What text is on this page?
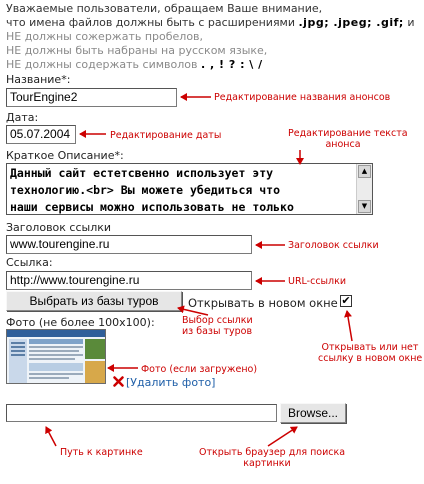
Уважаемые пользователи, обращаем Ваше внимание,
что имена файлов должны быть с расширениями .jpg; .jpeg; .gif; и
НЕ должны сожержать пробелов,
НЕ должны быть набраны на русском языке,
НЕ должны содержать символов . , ! ? : \ /
Название*:
TourEngine2	Редактирование названия анонсов
Дата:
05.07.2004	Редактирование даты	Редактирование текста
анонса
Краткое Описание*:
Данный сайт естетсвенно использует эту
технологию.<br> Вы можете убедиться что
наши сервисы можно использовать не только
▲
▼
Заголовок ссылки
www.tourengine.ru	Заголовок ссылки
Ссылка:
http://www.tourengine.ru	URL-ссылки
Выбрать из базы туров	Открывать в новом окне ✔
Фото (не более 100x100):
Фото (если загружено)
[Удалить фото]
Browse...
Путь к картинке	Открыть браузер для поиска
картинки
Выбор ссылки
из базы туров
Открывать или нет
ссылку в новом окне
